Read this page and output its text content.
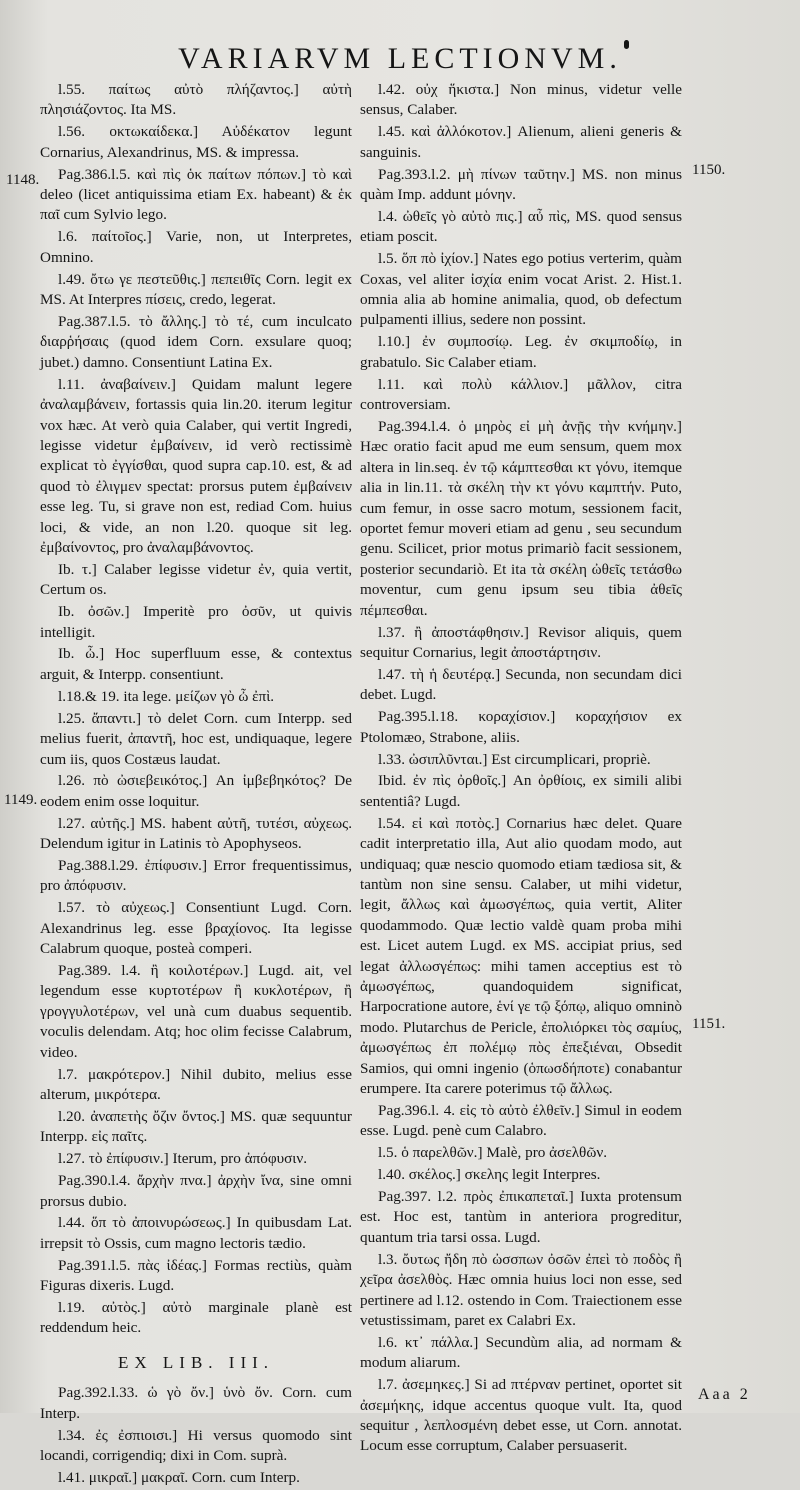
VARIARVM LECTIONVM.
1148.
1149.
1150.
1151.

l.55. παίτως αὐτὸ πλήζαντος.] αὐτὴ πλησιάζοντος. Ita MS.

l.56. οκτωκαίδεκα.] Αὐδέκατον legunt Cornarius, Alexandrinus, MS. & impressa.

Pag.386.l.5. καὶ πὶς ὁκ παίτων πόπων.] τὸ καὶ deleo (licet antiquissima etiam Ex. habeant) & ἑκ παῖ cum Sylvio lego.

l.6. παίτοῖος.] Varie, non, ut Interpretes, Omnino.

l.49. ὄτω γε πεστεῦθις.] πεπειθῖς Corn. legit ex MS. At Interpres πίσεις, credo, legerat.

Pag.387.l.5. τὸ ἄλλης.] τὸ τέ, cum inculcato διαρῥήσαις (quod idem Corn. exsulare quoq; jubet.) damno. Consentiunt Latina Ex.

l.11. ἀναβαίνειν.] Quidam malunt legere ἀναλαμβάνειν, fortassis quia lin.20. iterum legitur vox hæc. At verò quia Calaber, qui vertit Ingredi, legisse videtur ἐμβαίνειν, id verò rectissimè explicat τὸ ἐγγίσθαι, quod supra cap.10. est, & ad quod τὸ ἐλιγμεν spectat: prorsus putem ἐμβαίνειν esse leg. Tu, si grave non est, rediad Com. huius loci, & vide, an non l.20. quoque sit leg. ἐμβαίνοντος, pro ἀναλαμβάνοντος.

Ib. τ.] Calaber legisse videtur ἐν, quia vertit, Certum os.

Ib. ὀσῶν.] Imperitè pro ὀσῦν, ut quivis intelligit.

Ib. ὦ.] Hoc superfluum esse, & contextus arguit, & Interpp. consentiunt.

l.18.& 19. ita lege. μείζων γὸ ὦ ἐπὶ.

l.25. ἄπαντι.] τὸ delet Corn. cum Interpp. sed melius fuerit, ἀπαντῆ, hoc est, undiquaque, legere cum iis, quos Costæus laudat.

l.26. πὸ ὠσιεβεικότος.] An ἰμβεβηκότος? De eodem enim osse loquitur.

l.27. αὐτῆς.] MS. habent αὐτῆ, τυτέσι, αὐχεως. Delendum igitur in Latinis τὸ Apophyseos.

Pag.388.l.29. ἐπίφυσιν.] Error frequentissimus, pro ἀπόφυσιν.

l.57. τὸ αὐχεως.] Consentiunt Lugd. Corn. Alexandrinus leg. esse βραχίονος. Ita legisse Calabrum quoque, posteà comperi.

Pag.389. l.4. ἢ κοιλοτέρων.] Lugd. ait, vel legendum esse κυρτοτέρων ἢ κυκλοτέρων, ἢ γρογγυλοτέρων, vel unà cum duabus sequentib. voculis delendam. Atq; hoc olim fecisse Calabrum, video.

l.7. μακρότερον.] Nihil dubito, melius esse alterum, μικρότερα.

l.20. ἀναπετὴς ὄζιν ὄντος.] MS. quæ sequuntur Interpp. εἰς παῖτς.

l.27. τὸ ἐπίφυσιν.] Iterum, pro ἀπόφυσιν.

Pag.390.l.4. ἄρχὴν πνα.] ἀρχὴν ἴνα, sine omni prorsus dubio.

l.44. ὅπ τὸ ἀποινυρώσεως.] In quibusdam Lat. irrepsit τὸ Ossis, cum magno lectoris tædio.

Pag.391.l.5. πὰς ἰδέας.] Formas rectiùs, quàm Figuras dixeris. Lugd.

l.19. αὐτὸς.] αὐτὸ marginale planè est reddendum heic.

EX LIB. III.

Pag.392.l.33. ὡ γὸ ὄν.] ὑνὸ ὄν. Corn. cum Interp.

l.34. ἐς ἐσπιοισι.] Hi versus quomodo sint locandi, corrigendiq; dixi in Com. suprà.

l.41. μικραῖ.] μακραῖ. Corn. cum Interp.

l.42. οὐχ ἥκιστα.] Non minus, videtur velle sensus, Calaber.

l.45. καὶ ἀλλόκοτον.] Alienum, alieni generis & sanguinis.

Pag.393.l.2. μὴ πίνων ταῦτην.] MS. non minus quàm Imp. addunt μόνην.

l.4. ὠθεῖς γὸ αὐτὸ πις.] αὖ πὶς, MS. quod sensus etiam poscit.

l.5. ὅπ πὸ ἰχίον.] Nates ego potius verterim, quàm Coxas, vel aliter ἰσχία enim vocat Arist. 2. Hist.1. omnia alia ab homine animalia, quod, ob defectum pulpamenti illius, sedere non possint.

l.10.] ἐν συμποσίῳ. Leg. ἐν σκιμποδίῳ, in grabatulo. Sic Calaber etiam.

l.11. καὶ πολὺ κάλλιον.] μᾶλλον, citra controversiam.

Pag.394.l.4. ὁ μηρὸς εἰ μὴ ἀνῇς τὴν κνήμην.] Hæc oratio facit apud me eum sensum, quem mox altera in lin.seq. ἐν τῷ κάμπτεσθαι κτ γόνυ, itemque alia in lin.11. τὰ σκέλη τὴν κτ γόνυ καμπτήν. Puto, cum femur, in osse sacro motum, sessionem facit, oportet femur moveri etiam ad genu , seu secundum genu. Scilicet, prior motus primariò facit sessionem, posterior secundariò. Et ita τὰ σκέλη ὠθεῖς τετάσθω moventur, cum genu ipsum seu tibia ἀθεῖς πέμπεσθαι.

l.37. ἢ ἀποστάφθησιν.] Revisor aliquis, quem sequitur Cornarius, legit ἀποστάρτησιν.

l.47. τὴ ἡ δευτέρᾳ.] Secunda, non secundam dici debet. Lugd.

Pag.395.l.18. κοραχίσιον.] κοραχήσιον ex Ptolomæo, Strabone, aliis.

l.33. ὠσιπλῦνται.] Est circumplicari, propriè.

Ibid. ἐν πὶς ὀρθοῖς.] An ὀρθίοις, ex simili alibi sententiâ? Lugd.

l.54. εἰ καὶ ποτὸς.] Cornarius hæc delet. Quare cadit interpretatio illa, Aut alio quodam modo, aut undiquaq; quæ nescio quomodo etiam tædiosa sit, & tantùm non sine sensu. Calaber, ut mihi videtur, legit, ἄλλως καὶ ἀμωσγέπως, quia vertit, Aliter quodammodo. Quæ lectio valdè quam proba mihi est. Licet autem Lugd. ex MS. accipiat prius, sed legat ἀλλωσγέπως: mihi tamen acceptius est τὸ ἀμωσγέπως, quandoquidem significat, Harpocratione autore, ἑνί γε τῷ ξόπῳ, aliquo omninò modo. Plutarchus de Pericle, ἐπολιόρκει τὸς σαμίυς, ἀμωσγέπως ἐπ πολέμῳ πὸς ἐπεξιέναι, Obsedit Samios, qui omni ingenio (ὁπωσδήποτε) conabantur erumpere. Ita carere poterimus τῷ ἄλλως.

Pag.396.l. 4. εἰς τὸ αὐτὸ ἐλθεῖν.] Simul in eodem esse. Lugd. penè cum Calabro.

l.5. ὁ παρελθῶν.] Malè, pro ἀσελθῶν.

l.40. σκέλος.] σκελης legit Interpres.

Pag.397. l.2. πρὸς ἐπικαπεταῖ.] Iuxta protensum est. Hoc est, tantùm in anteriora progreditur, quantum tria tarsi ossa. Lugd.

l.3. ὄυτως ἤδη πὸ ὠσσπων ὀσῶν ἐπεὶ τὸ ποδὸς ἢ χεῖρα ἀσελθὸς. Hæc omnia huius loci non esse, sed pertinere ad l.12. ostendo in Com. Traiectionem esse vetustissimam, paret ex Calabri Ex.

l.6. κτ᾽ πάλλα.] Secundùm alia, ad normam & modum aliarum.

l.7. ἀσεμηκες.] Si ad πτέρναν pertinet, oportet sit ἀσεμήκης, idque accentus quoque vult. Ita, quod sequitur , λεπλοσμένη debet esse, ut Corn. annotat. Locum esse corruptum, Calaber persuaserit.

Aaa 2
